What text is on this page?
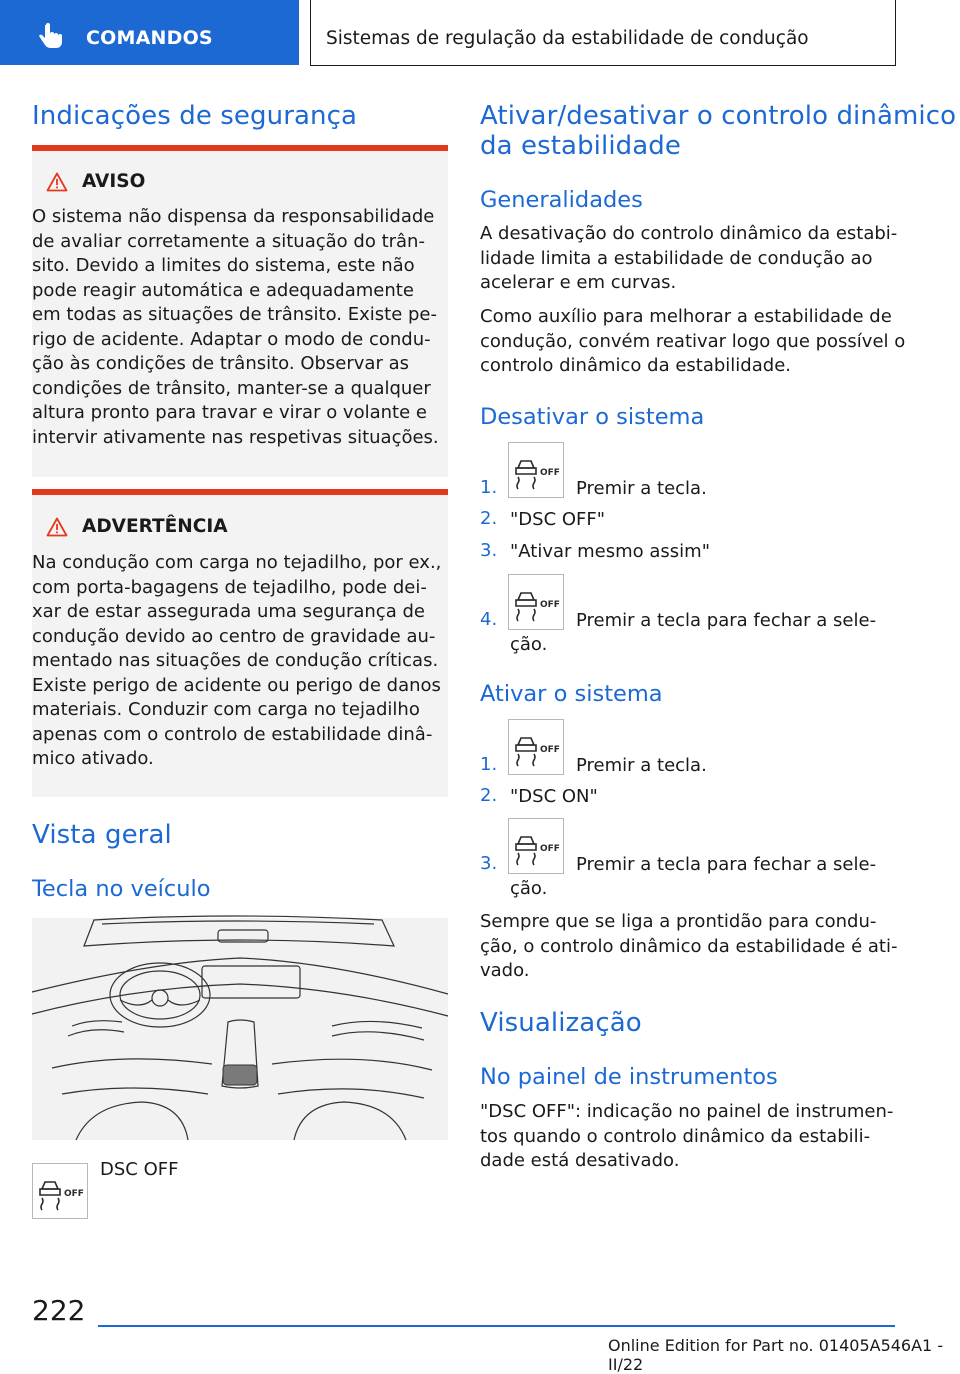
COMANDOS	Sistemas de regulação da estabilidade de condução
Indicações de segurança
AVISO
O sistema não dispensa da responsabilidade
de avaliar corretamente a situação do trân-
sito. Devido a limites do sistema, este não
pode reagir automática e adequadamente
em todas as situações de trânsito. Existe pe-
rigo de acidente. Adaptar o modo de condu-
ção às condições de trânsito. Observar as
condições de trânsito, manter-se a qualquer
altura pronto para travar e virar o volante e
intervir ativamente nas respetivas situações.
ADVERTÊNCIA
Na condução com carga no tejadilho, por ex.,
com porta-bagagens de tejadilho, pode dei-
xar de estar assegurada uma segurança de
condução devido ao centro de gravidade au-
mentado nas situações de condução críticas.
Existe perigo de acidente ou perigo de danos
materiais. Conduzir com carga no tejadilho
apenas com o controlo de estabilidade dinâ-
mico ativado.
Vista geral
Tecla no veículo
OFF
DSC OFF
Ativar/desativar o controlo dinâmico
da estabilidade
Generalidades
A desativação do controlo dinâmico da estabi-
lidade limita a estabilidade de condução ao
acelerar e em curvas.
Como auxílio para melhorar a estabilidade de
condução, convém reativar logo que possível o
controlo dinâmico da estabilidade.
Desativar o sistema
1.
OFF
Premir a tecla.
2. "DSC OFF"
3. "Ativar mesmo assim"
4.
OFF
Premir a tecla para fechar a sele-
ção.
Ativar o sistema
1.
OFF
Premir a tecla.
2. "DSC ON"
3.
OFF
Premir a tecla para fechar a sele-
ção.
Sempre que se liga a prontidão para condu-
ção, o controlo dinâmico da estabilidade é ati-
vado.
Visualização
No painel de instrumentos
"DSC OFF": indicação no painel de instrumen-
tos quando o controlo dinâmico da estabili-
dade está desativado.
222
Online Edition for Part no. 01405A546A1 - II/22
